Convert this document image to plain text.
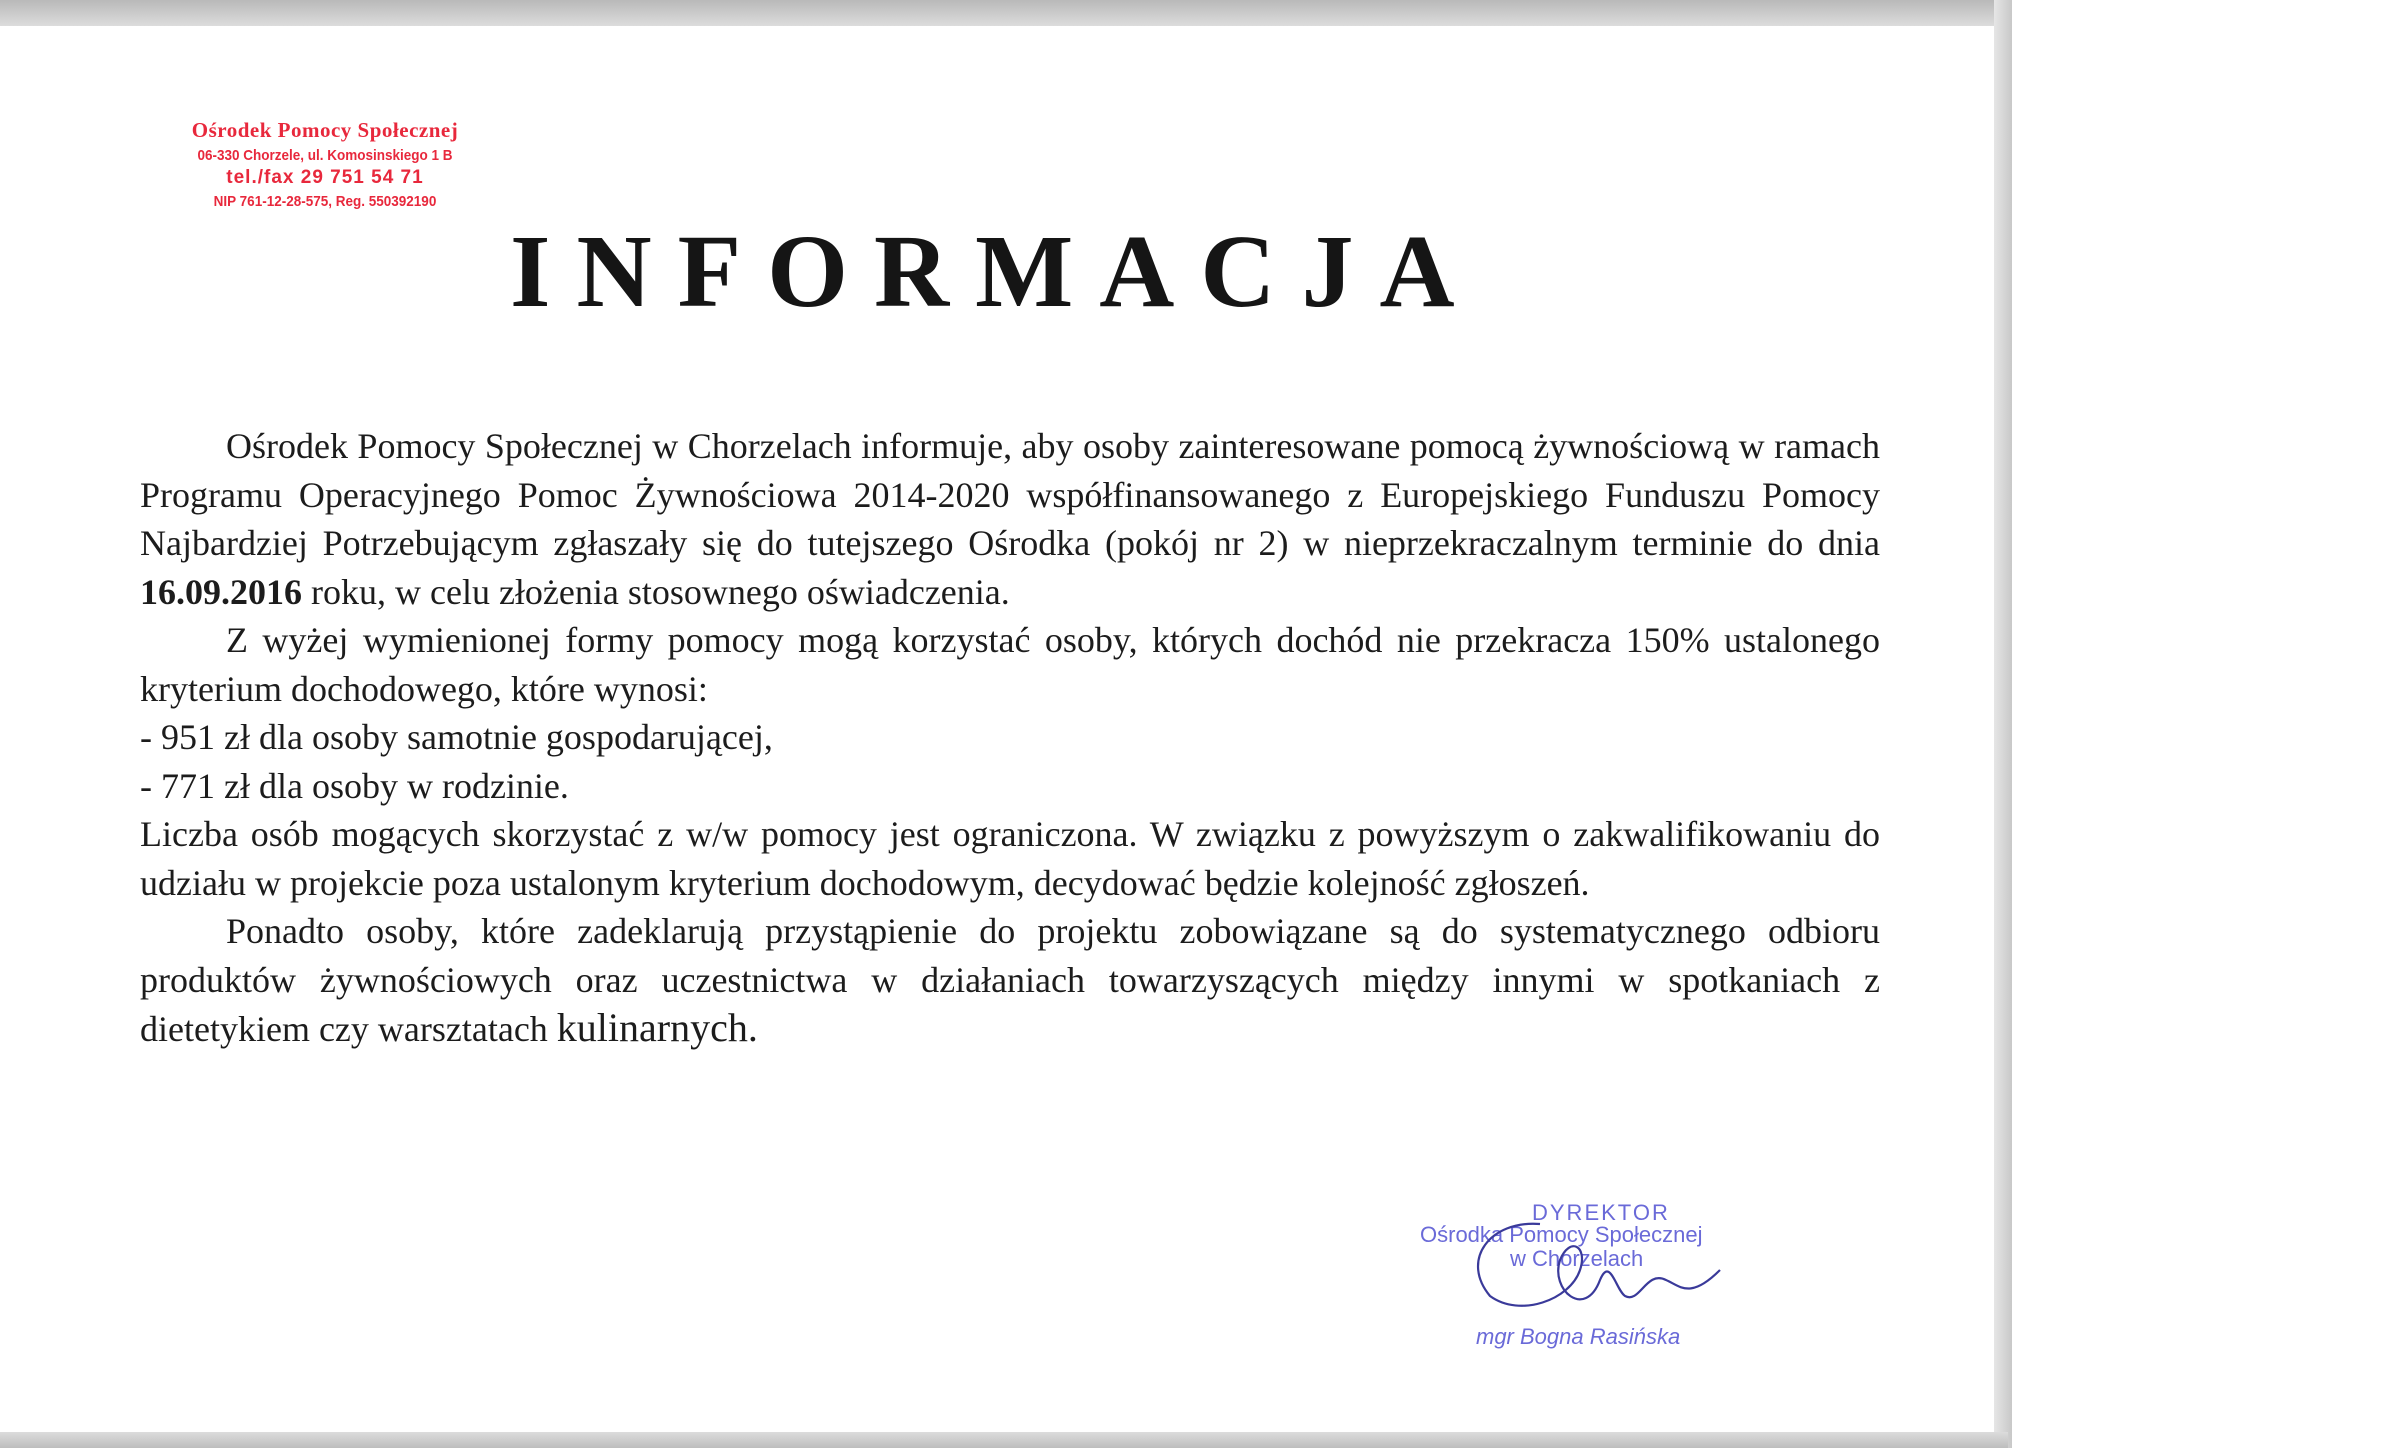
Ośrodek Pomocy Społecznej
06-330 Chorzele, ul. Komosinskiego 1 B
tel./fax 29 751 54 71
NIP 761-12-28-575, Reg. 550392190
INFORMACJA

Ośrodek Pomocy Społecznej w Chorzelach informuje, aby osoby zainteresowane pomocą żywnościową w ramach Programu Operacyjnego Pomoc Żywnościowa 2014-2020 współfinansowanego z Europejskiego Funduszu Pomocy Najbardziej Potrzebującym zgłaszały się do tutejszego Ośrodka (pokój nr 2) w nieprzekraczalnym terminie do dnia 16.09.2016 roku, w celu złożenia stosownego oświadczenia.

Z wyżej wymienionej formy pomocy mogą korzystać osoby, których dochód nie przekracza 150% ustalonego kryterium dochodowego, które wynosi:

- 951 zł dla osoby samotnie gospodarującej,

- 771 zł dla osoby w rodzinie.

Liczba osób mogących skorzystać z w/w pomocy jest ograniczona. W związku z powyższym o zakwalifikowaniu do udziału w projekcie poza ustalonym kryterium dochodowym, decydować będzie kolejność zgłoszeń.

Ponadto osoby, które zadeklarują przystąpienie do projektu zobowiązane są do systematycznego odbioru produktów żywnościowych oraz uczestnictwa w działaniach towarzyszących między innymi w spotkaniach z dietetykiem czy warsztatach kulinarnych.

DYREKTOR
Ośrodka Pomocy Społecznej
w Chorzelach
mgr Bogna Rasińska
